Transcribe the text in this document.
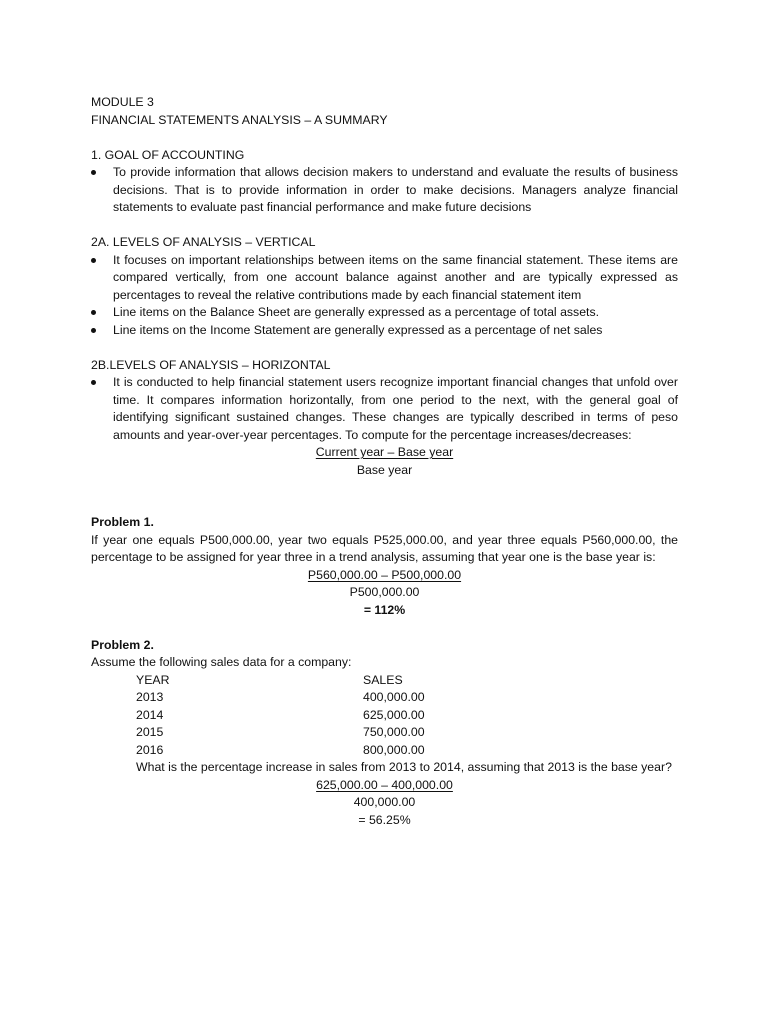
MODULE 3
FINANCIAL STATEMENTS ANALYSIS – A SUMMARY
1. GOAL OF ACCOUNTING
To provide information that allows decision makers to understand and evaluate the results of business decisions. That is to provide information in order to make decisions. Managers analyze financial statements to evaluate past financial performance and make future decisions
2A. LEVELS OF ANALYSIS – VERTICAL
It focuses on important relationships between items on the same financial statement. These items are compared vertically, from one account balance against another and are typically expressed as percentages to reveal the relative contributions made by each financial statement item
Line items on the Balance Sheet are generally expressed as a percentage of total assets.
Line items on the Income Statement are generally expressed as a percentage of net sales
2B.LEVELS OF ANALYSIS – HORIZONTAL
It is conducted to help financial statement users recognize important financial changes that unfold over time. It compares information horizontally, from one period to the next, with the general goal of identifying significant sustained changes. These changes are typically described in terms of peso amounts and year-over-year percentages. To compute for the percentage increases/decreases:
Current year – Base year
Base year
Problem 1.
If year one equals P500,000.00, year two equals P525,000.00, and year three equals P560,000.00, the percentage to be assigned for year three in a trend analysis, assuming that year one is the base year is:
P560,000.00 – P500,000.00
P500,000.00
= 112%
Problem 2.
Assume the following sales data for a company:
YEAR	SALES
2013	400,000.00
2014	625,000.00
2015	750,000.00
2016	800,000.00
What is the percentage increase in sales from 2013 to 2014, assuming that 2013 is the base year?
625,000.00 – 400,000.00
400,000.00
= 56.25%
